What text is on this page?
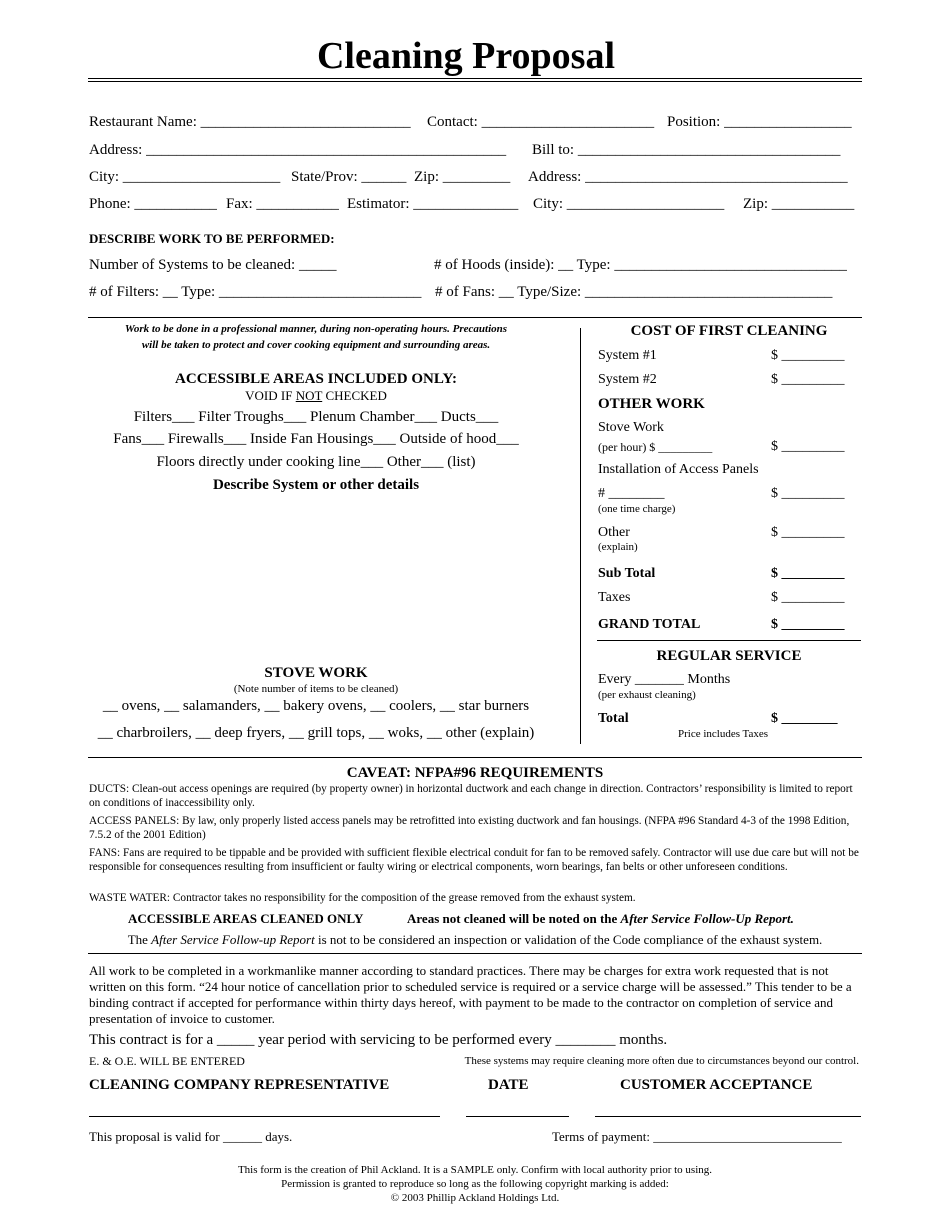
Cleaning Proposal
Restaurant Name: ____________________________ Contact: _______________________ Position: _________________
Address: ________________________________________________ Bill to: ___________________________________
City: _____________________ State/Prov: ______ Zip: _________ Address: ___________________________________
Phone: ___________ Fax: ___________ Estimator: ______________ City: _____________________ Zip: ___________
DESCRIBE WORK TO BE PERFORMED:
Number of Systems to be cleaned: _____	# of Hoods (inside): __ Type: _______________________________
# of Filters: __ Type: ___________________________ # of Fans: __ Type/Size: _________________________________
Work to be done in a professional manner, during non-operating hours. Precautions
will be taken to protect and cover cooking equipment and surrounding areas.
ACCESSIBLE AREAS INCLUDED ONLY:
VOID IF NOT CHECKED
Filters___ Filter Troughs___ Plenum Chamber___ Ducts___
Fans___ Firewalls___ Inside Fan Housings___ Outside of hood___
Floors directly under cooking line___ Other___ (list)
Describe System or other details
STOVE WORK
(Note number of items to be cleaned)
__ ovens, __ salamanders, __ bakery ovens, __ coolers, __ star burners
__ charbroilers, __ deep fryers, __ grill tops, __ woks, __ other (explain)
COST OF FIRST CLEANING
System #1	$ _________
System #2	$ _________
OTHER WORK
Stove Work
(per hour) $ _________	$ _________
Installation of Access Panels
# ________	$ _________
(one time charge)
Other	$ _________
(explain)
Sub Total	$ _________
Taxes	$ _________
GRAND TOTAL	$ _________
REGULAR SERVICE
Every _______ Months
(per exhaust cleaning)
Total	$ ________
Price includes Taxes
CAVEAT: NFPA#96 REQUIREMENTS
DUCTS: Clean-out access openings are required (by property owner) in horizontal ductwork and each change in direction. Contractors’ responsibility is limited to report on conditions of inaccessibility only.
ACCESS PANELS: By law, only properly listed access panels may be retrofitted into existing ductwork and fan housings. (NFPA #96 Standard 4-3 of the 1998 Edition, 7.5.2 of the 2001 Edition)
FANS: Fans are required to be tippable and be provided with sufficient flexible electrical conduit for fan to be removed safely. Contractor will use due care but will not be responsible for consequences resulting from insufficient or faulty wiring or electrical components, worn bearings, fan belts or other unforeseen conditions.
WASTE WATER: Contractor takes no responsibility for the composition of the grease removed from the exhaust system.
ACCESSIBLE AREAS CLEANED ONLY	Areas not cleaned will be noted on the After Service Follow-Up Report.
The After Service Follow-up Report is not to be considered an inspection or validation of the Code compliance of the exhaust system.
All work to be completed in a workmanlike manner according to standard practices. There may be charges for extra work requested that is not written on this form. “24 hour notice of cancellation prior to scheduled service is required or a service charge will be assessed.” This tender to be a binding contract if accepted for performance within thirty days hereof, with payment to be made to the contractor on completion of service and presentation of invoice to customer.
This contract is for a _____ year period with servicing to be performed every ________ months.
E. & O.E. WILL BE ENTERED	These systems may require cleaning more often due to circumstances beyond our control.
CLEANING COMPANY REPRESENTATIVE	DATE	CUSTOMER ACCEPTANCE
This proposal is valid for ______ days.	Terms of payment: _____________________________
This form is the creation of Phil Ackland. It is a SAMPLE only. Confirm with local authority prior to using.
Permission is granted to reproduce so long as the following copyright marking is added:
© 2003 Phillip Ackland Holdings Ltd.
